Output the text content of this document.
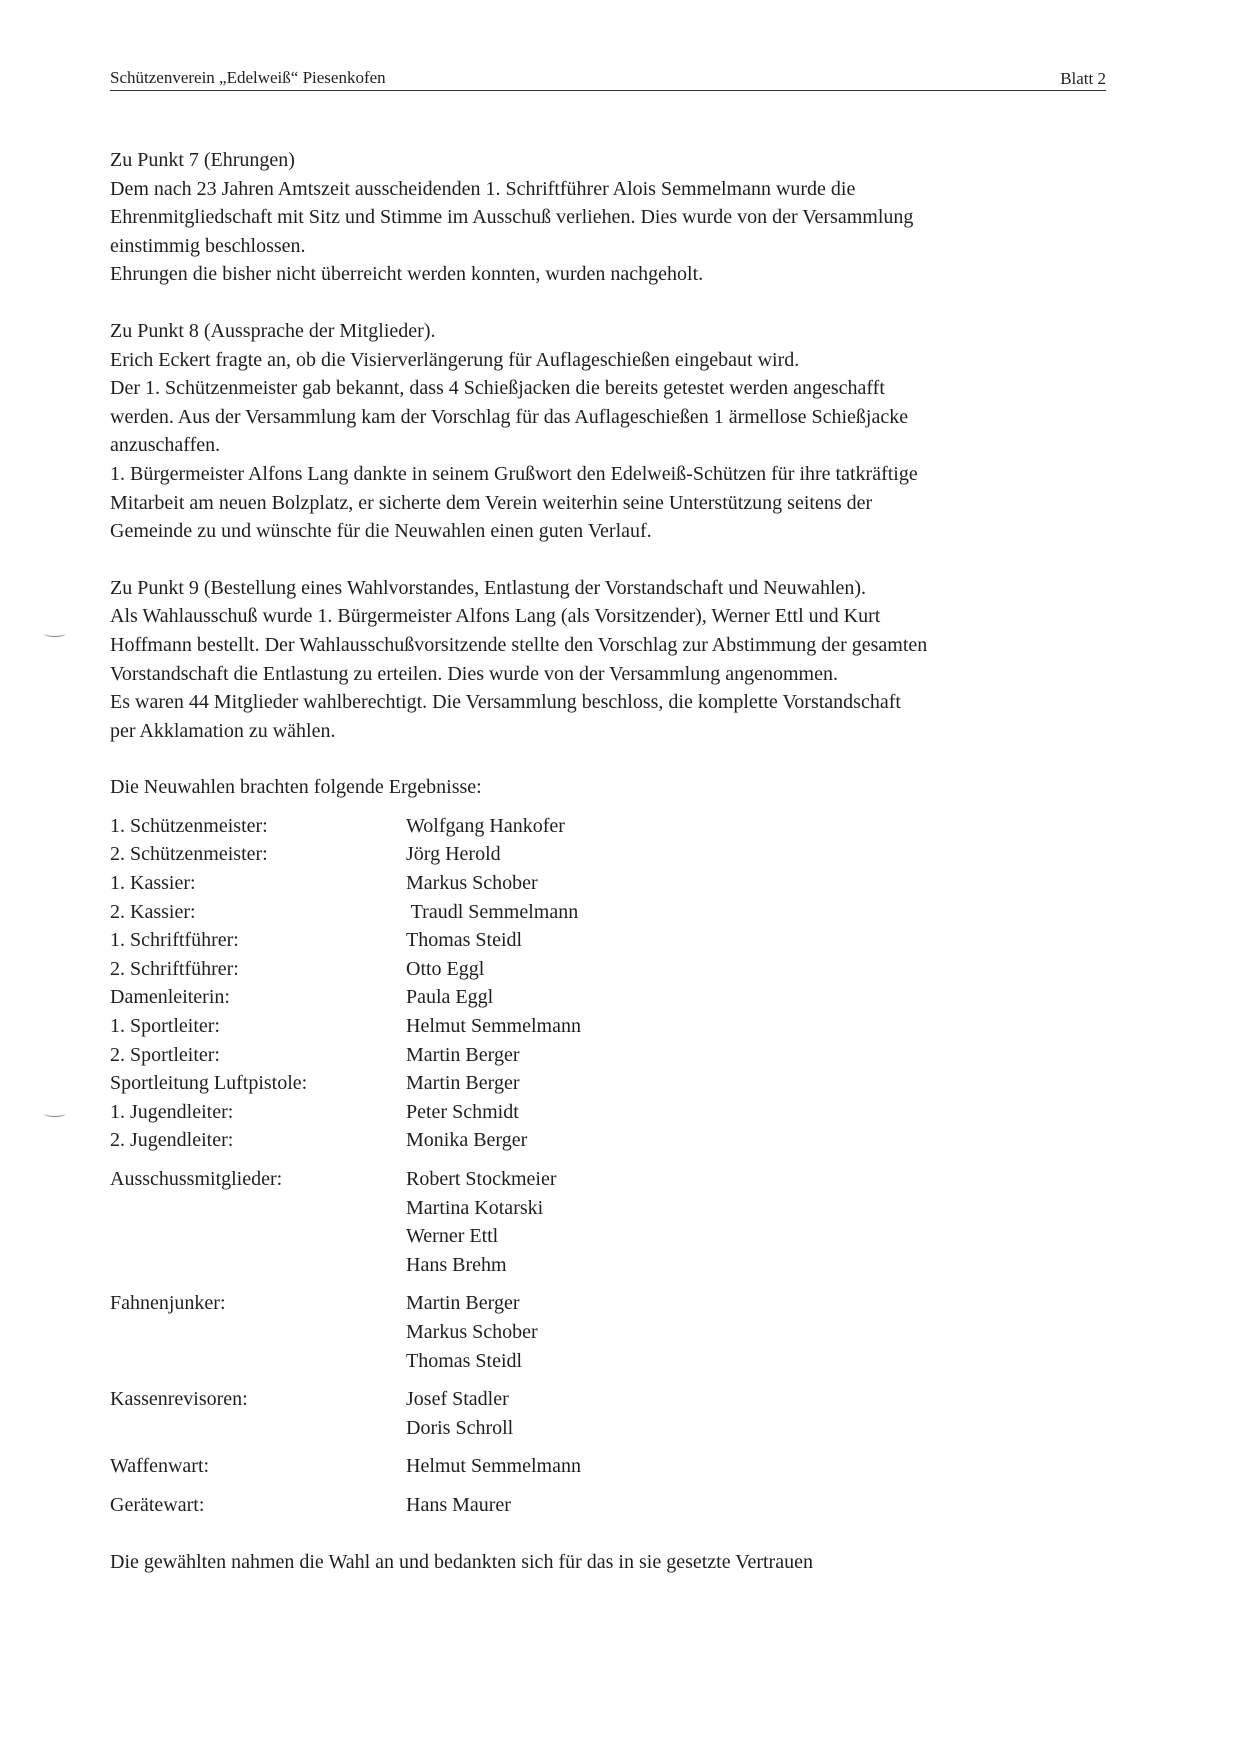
Schützenverein „Edelweiß“ Piesenkofen	Blatt 2

Zu Punkt 7 (Ehrungen)

Dem nach 23 Jahren Amtszeit ausscheidenden 1. Schriftführer Alois Semmelmann wurde die

Ehrenmitgliedschaft mit Sitz und Stimme im Ausschuß verliehen. Dies wurde von der Versammlung

einstimmig beschlossen.

Ehrungen die bisher nicht überreicht werden konnten, wurden nachgeholt.

Zu Punkt 8 (Aussprache der Mitglieder).

Erich Eckert fragte an, ob die Visierverlängerung für Auflageschießen eingebaut wird.

Der 1. Schützenmeister gab bekannt, dass 4 Schießjacken die bereits getestet werden angeschafft

werden. Aus der Versammlung kam der Vorschlag für das Auflageschießen 1 ärmellose Schießjacke

anzuschaffen.

1. Bürgermeister Alfons Lang dankte in seinem Grußwort den Edelweiß-Schützen für ihre tatkräftige

Mitarbeit am neuen Bolzplatz, er sicherte dem Verein weiterhin seine Unterstützung seitens der

Gemeinde zu und wünschte für die Neuwahlen einen guten Verlauf.

Zu Punkt 9 (Bestellung eines Wahlvorstandes, Entlastung der Vorstandschaft und Neuwahlen).

Als Wahlausschuß wurde 1. Bürgermeister Alfons Lang (als Vorsitzender), Werner Ettl und Kurt

Hoffmann bestellt. Der Wahlausschußvorsitzende stellte den Vorschlag zur Abstimmung der gesamten

Vorstandschaft die Entlastung zu erteilen. Dies wurde von der Versammlung angenommen.

Es waren 44 Mitglieder wahlberechtigt. Die Versammlung beschloss, die komplette Vorstandschaft

per Akklamation zu wählen.

Die Neuwahlen brachten folgende Ergebnisse:

1. Schützenmeister:	Wolfgang Hankofer
2. Schützenmeister:	Jörg Herold
1. Kassier:	Markus Schober
2. Kassier:	Traudl Semmelmann
1. Schriftführer:	Thomas Steidl
2. Schriftführer:	Otto Eggl
Damenleiterin:	Paula Eggl
1. Sportleiter:	Helmut Semmelmann
2. Sportleiter:	Martin Berger
Sportleitung Luftpistole:	Martin Berger
1. Jugendleiter:	Peter Schmidt
2. Jugendleiter:	Monika Berger
Ausschussmitglieder:	Robert Stockmeier
Martina Kotarski
Werner Ettl
Hans Brehm
Fahnenjunker:	Martin Berger
Markus Schober
Thomas Steidl
Kassenrevisoren:	Josef Stadler
Doris Schroll
Waffenwart:	Helmut Semmelmann
Gerätewart:	Hans Maurer

Die gewählten nahmen die Wahl an und bedankten sich für das in sie gesetzte Vertrauen
